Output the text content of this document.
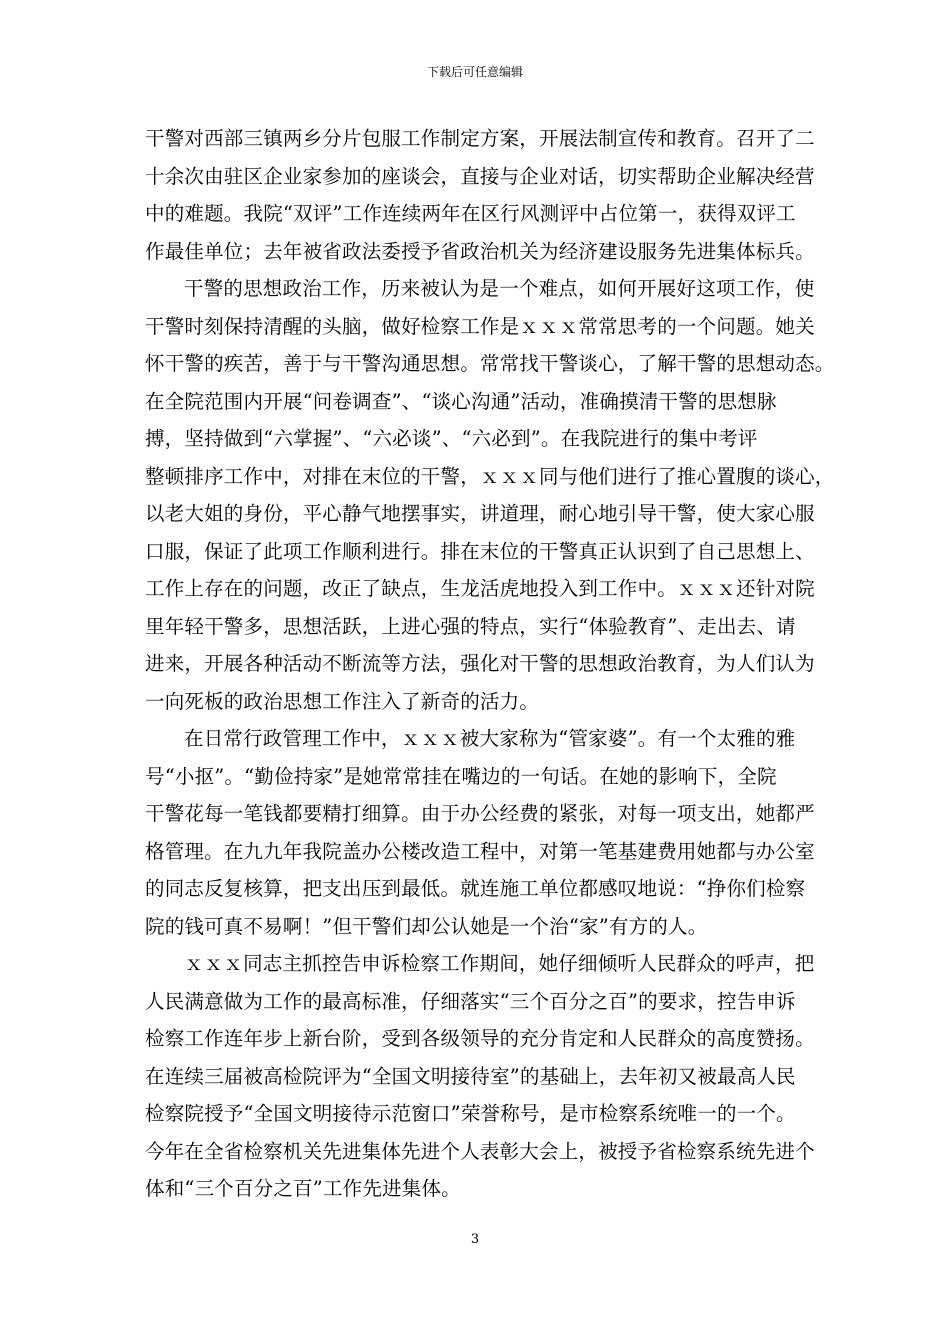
下载后可任意编辑

干警对西部三镇两乡分片包服工作制定方案，开展法制宣传和教育。召开了二
十余次由驻区企业家参加的座谈会，直接与企业对话，切实帮助企业解决经营
中的难题。我院“双评”工作连续两年在区行风测评中占位第一，获得双评工
作最佳单位；去年被省政法委授予省政治机关为经济建设服务先进集体标兵。

干警的思想政治工作，历来被认为是一个难点，如何开展好这项工作，使
干警时刻保持清醒的头脑，做好检察工作是ｘｘｘ常常思考的一个问题。她关
怀干警的疾苦，善于与干警沟通思想。常常找干警谈心，了解干警的思想动态。
在全院范围内开展“问卷调查”、“谈心沟通”活动，准确摸清干警的思想脉
搏，坚持做到“六掌握”、“六必谈”、“六必到”。在我院进行的集中考评
整顿排序工作中，对排在末位的干警，ｘｘｘ同与他们进行了推心置腹的谈心，
以老大姐的身份，平心静气地摆事实，讲道理，耐心地引导干警，使大家心服
口服，保证了此项工作顺利进行。排在末位的干警真正认识到了自己思想上、
工作上存在的问题，改正了缺点，生龙活虎地投入到工作中。ｘｘｘ还针对院
里年轻干警多，思想活跃，上进心强的特点，实行“体验教育”、走出去、请
进来，开展各种活动不断流等方法，强化对干警的思想政治教育，为人们认为
一向死板的政治思想工作注入了新奇的活力。

在日常行政管理工作中，ｘｘｘ被大家称为“管家婆”。有一个太雅的雅
号“小抠”。“勤俭持家”是她常常挂在嘴边的一句话。在她的影响下，全院
干警花每一笔钱都要精打细算。由于办公经费的紧张，对每一项支出，她都严
格管理。在九九年我院盖办公楼改造工程中，对第一笔基建费用她都与办公室
的同志反复核算，把支出压到最低。就连施工单位都感叹地说：“挣你们检察
院的钱可真不易啊！”但干警们却公认她是一个治“家”有方的人。

ｘｘｘ同志主抓控告申诉检察工作期间，她仔细倾听人民群众的呼声，把
人民满意做为工作的最高标准，仔细落实“三个百分之百”的要求，控告申诉
检察工作连年步上新台阶，受到各级领导的充分肯定和人民群众的高度赞扬。
在连续三届被高检院评为“全国文明接待室”的基础上，去年初又被最高人民
检察院授予“全国文明接待示范窗口”荣誉称号，是市检察系统唯一的一个。
今年在全省检察机关先进集体先进个人表彰大会上，被授予省检察系统先进个
体和“三个百分之百”工作先进集体。

3
